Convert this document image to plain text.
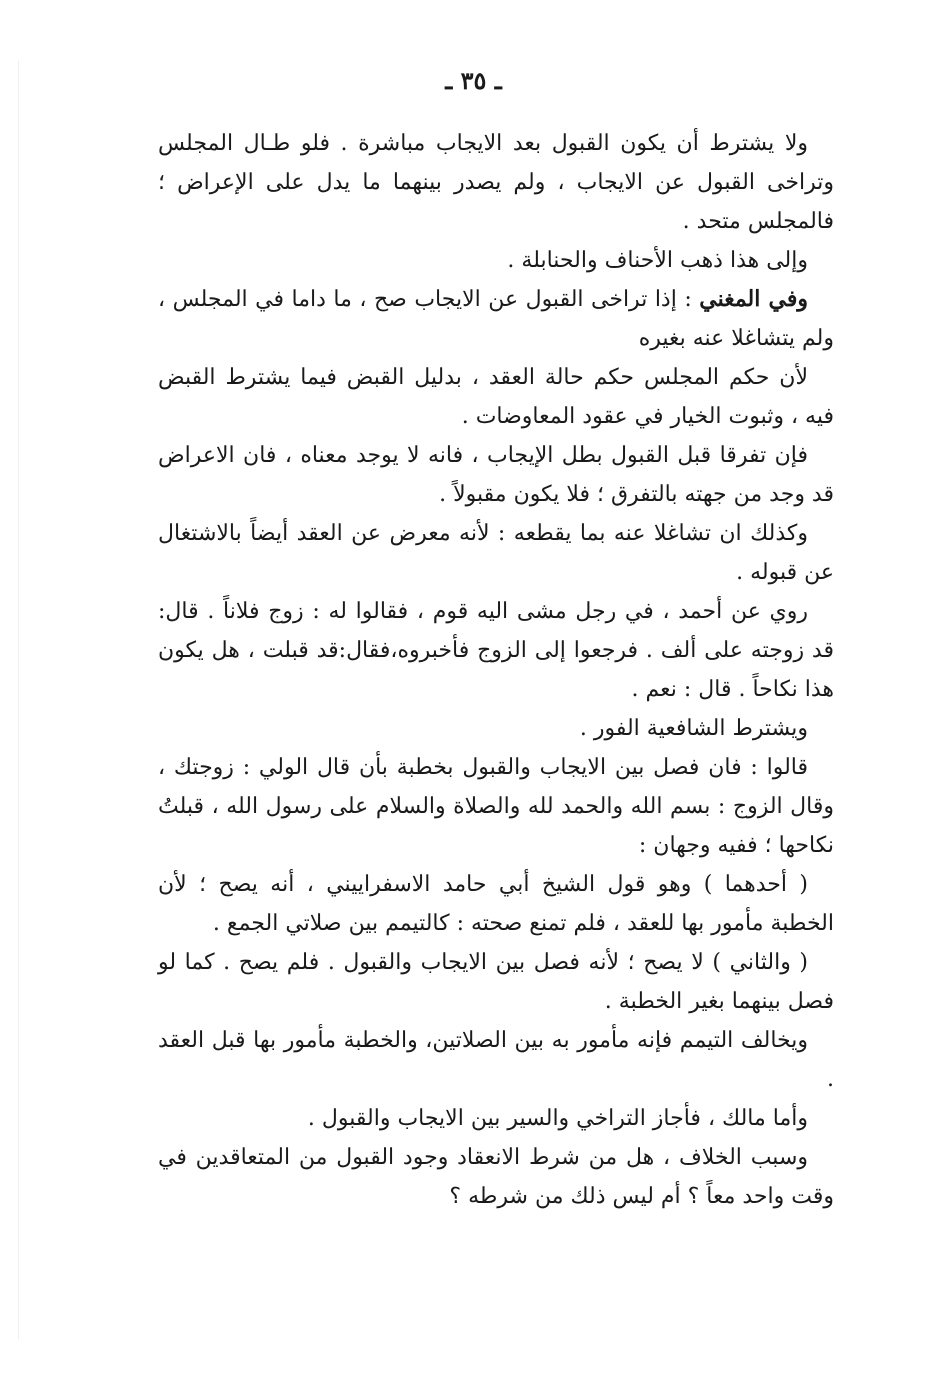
ـ ٣٥ ـ

ولا يشترط أن يكون القبول بعد الايجاب مباشرة . فلو طـال المجلس وتراخى القبول عن الايجاب ، ولم يصدر بينهما ما يدل على الإعراض ؛ فالمجلس متحد .

وإلى هذا ذهب الأحناف والحنابلة .

وفي المغني : إذا تراخى القبول عن الايجاب صح ، ما داما في المجلس ، ولم يتشاغلا عنه بغيره

لأن حكم المجلس حكم حالة العقد ، بدليل القبض فيما يشترط القبض فيه ، وثبوت الخيار في عقود المعاوضات .

فإن تفرقا قبل القبول بطل الإيجاب ، فانه لا يوجد معناه ، فان الاعراض قد وجد من جهته بالتفرق ؛ فلا يكون مقبولاً .

وكذلك ان تشاغلا عنه بما يقطعه : لأنه معرض عن العقد أيضاً بالاشتغال عن قبوله .

روي عن أحمد ، في رجل مشى اليه قوم ، فقالوا له : زوج فلاناً . قال: قد زوجته على ألف . فرجعوا إلى الزوج فأخبروه،فقال:قد قبلت ، هل يكون هذا نكاحاً . قال : نعم .

ويشترط الشافعية الفور .

قالوا : فان فصل بين الايجاب والقبول بخطبة بأن قال الولي : زوجتك ، وقال الزوج : بسم الله والحمد لله والصلاة والسلام على رسول الله ، قبلتُ نكاحها ؛ ففيه وجهان :

( أحدهما ) وهو قول الشيخ أبي حامد الاسفراييني ، أنه يصح ؛ لأن الخطبة مأمور بها للعقد ، فلم تمنع صحته : كالتيمم بين صلاتي الجمع .

( والثاني ) لا يصح ؛ لأنه فصل بين الايجاب والقبول . فلم يصح . كما لو فصل بينهما بغير الخطبة .

ويخالف التيمم فإنه مأمور به بين الصلاتين، والخطبة مأمور بها قبل العقد .

وأما مالك ، فأجاز التراخي والسير بين الايجاب والقبول .

وسبب الخلاف ، هل من شرط الانعقاد وجود القبول من المتعاقدين في وقت واحد معاً ؟ أم ليس ذلك من شرطه ؟
